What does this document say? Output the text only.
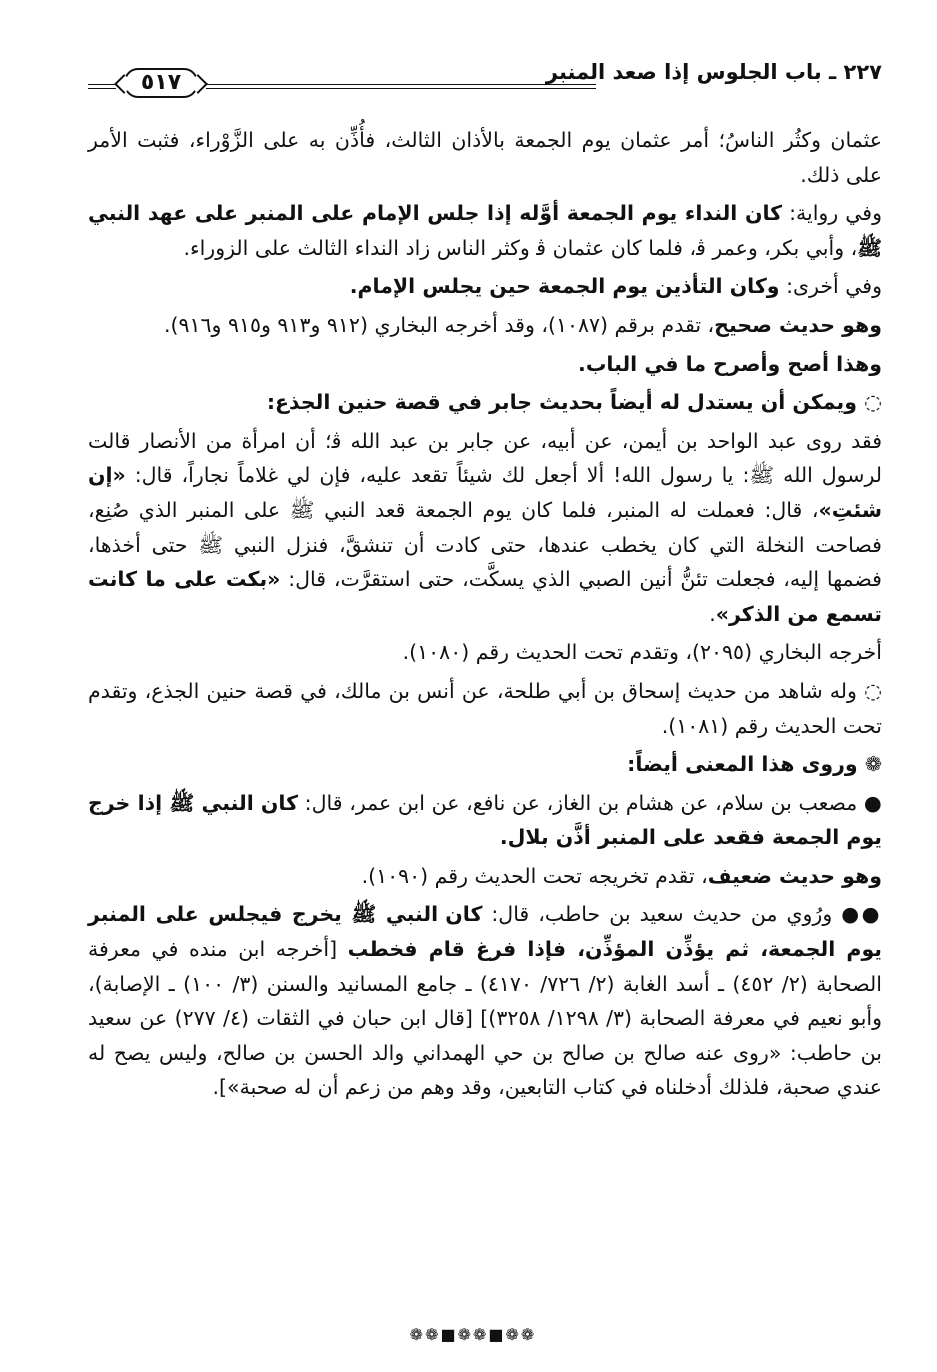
٥١٧	٢٢٧ ـ باب الجلوس إذا صعد المنبر

عثمان وكثُر الناسُ؛ أمر عثمان يوم الجمعة بالأذان الثالث، فأُذِّن به على الزَّوْراء، فثبت الأمر على ذلك.

وفي رواية: كان النداء يوم الجمعة أوَّله إذا جلس الإمام على المنبر على عهد النبي ﷺ، وأبي بكر، وعمر ﭬ، فلما كان عثمان ﭬ وكثر الناس زاد النداء الثالث على الزوراء.

وفي أخرى: وكان التأذين يوم الجمعة حين يجلس الإمام.

وهو حديث صحيح، تقدم برقم (١٠٨٧)، وقد أخرجه البخاري (٩١٢ و٩١٣ و٩١٥ و٩١٦).

وهذا أصح وأصرح ما في الباب.

◌ ويمكن أن يستدل له أيضاً بحديث جابر في قصة حنين الجذع:

فقد روى عبد الواحد بن أيمن، عن أبيه، عن جابر بن عبد الله ﭬ؛ أن امرأة من الأنصار قالت لرسول الله ﷺ: يا رسول الله! ألا أجعل لك شيئاً تقعد عليه، فإن لي غلاماً نجاراً، قال: «إن شئتِ»، قال: فعملت له المنبر، فلما كان يوم الجمعة قعد النبي ﷺ على المنبر الذي صُنِع، فصاحت النخلة التي كان يخطب عندها، حتى كادت أن تنشقَّ، فنزل النبي ﷺ حتى أخذها، فضمها إليه، فجعلت تئنُّ أنين الصبي الذي يسكَّت، حتى استقرَّت، قال: «بكت على ما كانت تسمع من الذكر».

أخرجه البخاري (٢٠٩٥)، وتقدم تحت الحديث رقم (١٠٨٠).

◌ وله شاهد من حديث إسحاق بن أبي طلحة، عن أنس بن مالك، في قصة حنين الجذع، وتقدم تحت الحديث رقم (١٠٨١).

❁ وروى هذا المعنى أيضاً:

● مصعب بن سلام، عن هشام بن الغاز، عن نافع، عن ابن عمر، قال: كان النبي ﷺ إذا خرج يوم الجمعة فقعد على المنبر أذَّن بلال.

وهو حديث ضعيف، تقدم تخريجه تحت الحديث رقم (١٠٩٠).

●● ورُوي من حديث سعيد بن حاطب، قال: كان النبي ﷺ يخرج فيجلس على المنبر يوم الجمعة، ثم يؤذِّن المؤذِّن، فإذا فرغ قام فخطب [أخرجه ابن منده في معرفة الصحابة (٢/ ٤٥٢) ـ أسد الغابة (٢/ ٧٢٦/ ٤١٧٠) ـ جامع المسانيد والسنن (٣/ ١٠٠) ـ الإصابة)، وأبو نعيم في معرفة الصحابة (٣/ ١٢٩٨/ ٣٢٥٨)] [قال ابن حبان في الثقات (٤/ ٢٧٧) عن سعيد بن حاطب: «روى عنه صالح بن صالح بن حي الهمداني والد الحسن بن صالح، وليس يصح له عندي صحبة، فلذلك أدخلناه في كتاب التابعين، وقد وهم من زعم أن له صحبة»].

❁❁■❁❁■❁❁
